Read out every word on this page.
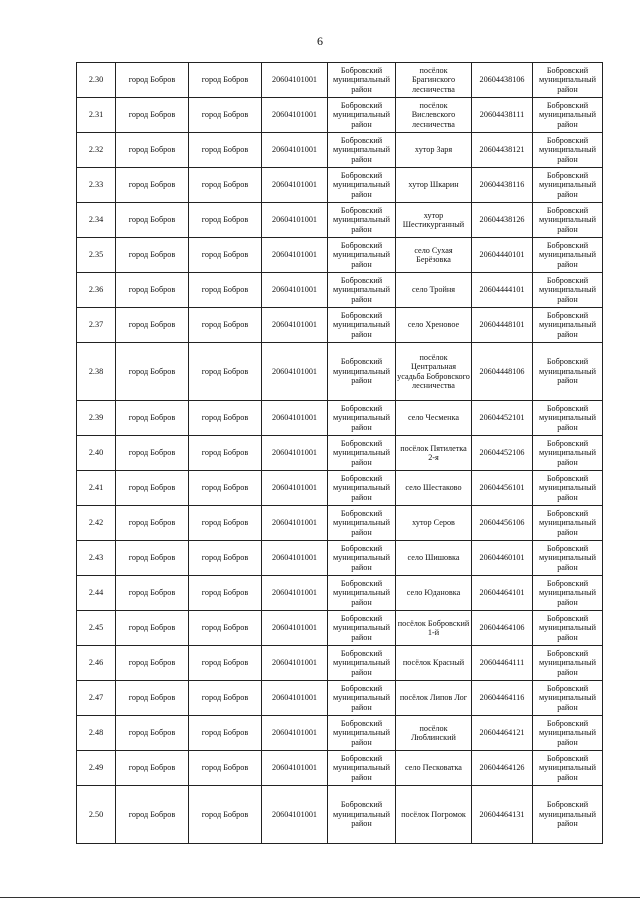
6
2.30	город Бобров	город Бобров	20604101001	Бобровский муниципальный район	посёлок Брагинского лесничества	20604438106	Бобровский муниципальный район
2.31	город Бобров	город Бобров	20604101001	Бобровский муниципальный район	посёлок Вислевского лесничества	20604438111	Бобровский муниципальный район
2.32	город Бобров	город Бобров	20604101001	Бобровский муниципальный район	хутор Заря	20604438121	Бобровский муниципальный район
2.33	город Бобров	город Бобров	20604101001	Бобровский муниципальный район	хутор Шкарин	20604438116	Бобровский муниципальный район
2.34	город Бобров	город Бобров	20604101001	Бобровский муниципальный район	хутор Шестикурганный	20604438126	Бобровский муниципальный район
2.35	город Бобров	город Бобров	20604101001	Бобровский муниципальный район	село Сухая Берёзовка	20604440101	Бобровский муниципальный район
2.36	город Бобров	город Бобров	20604101001	Бобровский муниципальный район	село Тройня	20604444101	Бобровский муниципальный район
2.37	город Бобров	город Бобров	20604101001	Бобровский муниципальный район	село Хреновое	20604448101	Бобровский муниципальный район
2.38	город Бобров	город Бобров	20604101001	Бобровский муниципальный район	посёлок Центральная усадьба Бобровского лесничества	20604448106	Бобровский муниципальный район
2.39	город Бобров	город Бобров	20604101001	Бобровский муниципальный район	село Чесменка	20604452101	Бобровский муниципальный район
2.40	город Бобров	город Бобров	20604101001	Бобровский муниципальный район	посёлок Пятилетка 2-я	20604452106	Бобровский муниципальный район
2.41	город Бобров	город Бобров	20604101001	Бобровский муниципальный район	село Шестаково	20604456101	Бобровский муниципальный район
2.42	город Бобров	город Бобров	20604101001	Бобровский муниципальный район	хутор Серов	20604456106	Бобровский муниципальный район
2.43	город Бобров	город Бобров	20604101001	Бобровский муниципальный район	село Шишовка	20604460101	Бобровский муниципальный район
2.44	город Бобров	город Бобров	20604101001	Бобровский муниципальный район	село Юдановка	20604464101	Бобровский муниципальный район
2.45	город Бобров	город Бобров	20604101001	Бобровский муниципальный район	посёлок Бобровский 1-й	20604464106	Бобровский муниципальный район
2.46	город Бобров	город Бобров	20604101001	Бобровский муниципальный район	посёлок Красный	20604464111	Бобровский муниципальный район
2.47	город Бобров	город Бобров	20604101001	Бобровский муниципальный район	посёлок Липов Лог	20604464116	Бобровский муниципальный район
2.48	город Бобров	город Бобров	20604101001	Бобровский муниципальный район	посёлок Люблинский	20604464121	Бобровский муниципальный район
2.49	город Бобров	город Бобров	20604101001	Бобровский муниципальный район	село Песковатка	20604464126	Бобровский муниципальный район
2.50	город Бобров	город Бобров	20604101001	Бобровский муниципальный район	посёлок Погромок	20604464131	Бобровский муниципальный район
